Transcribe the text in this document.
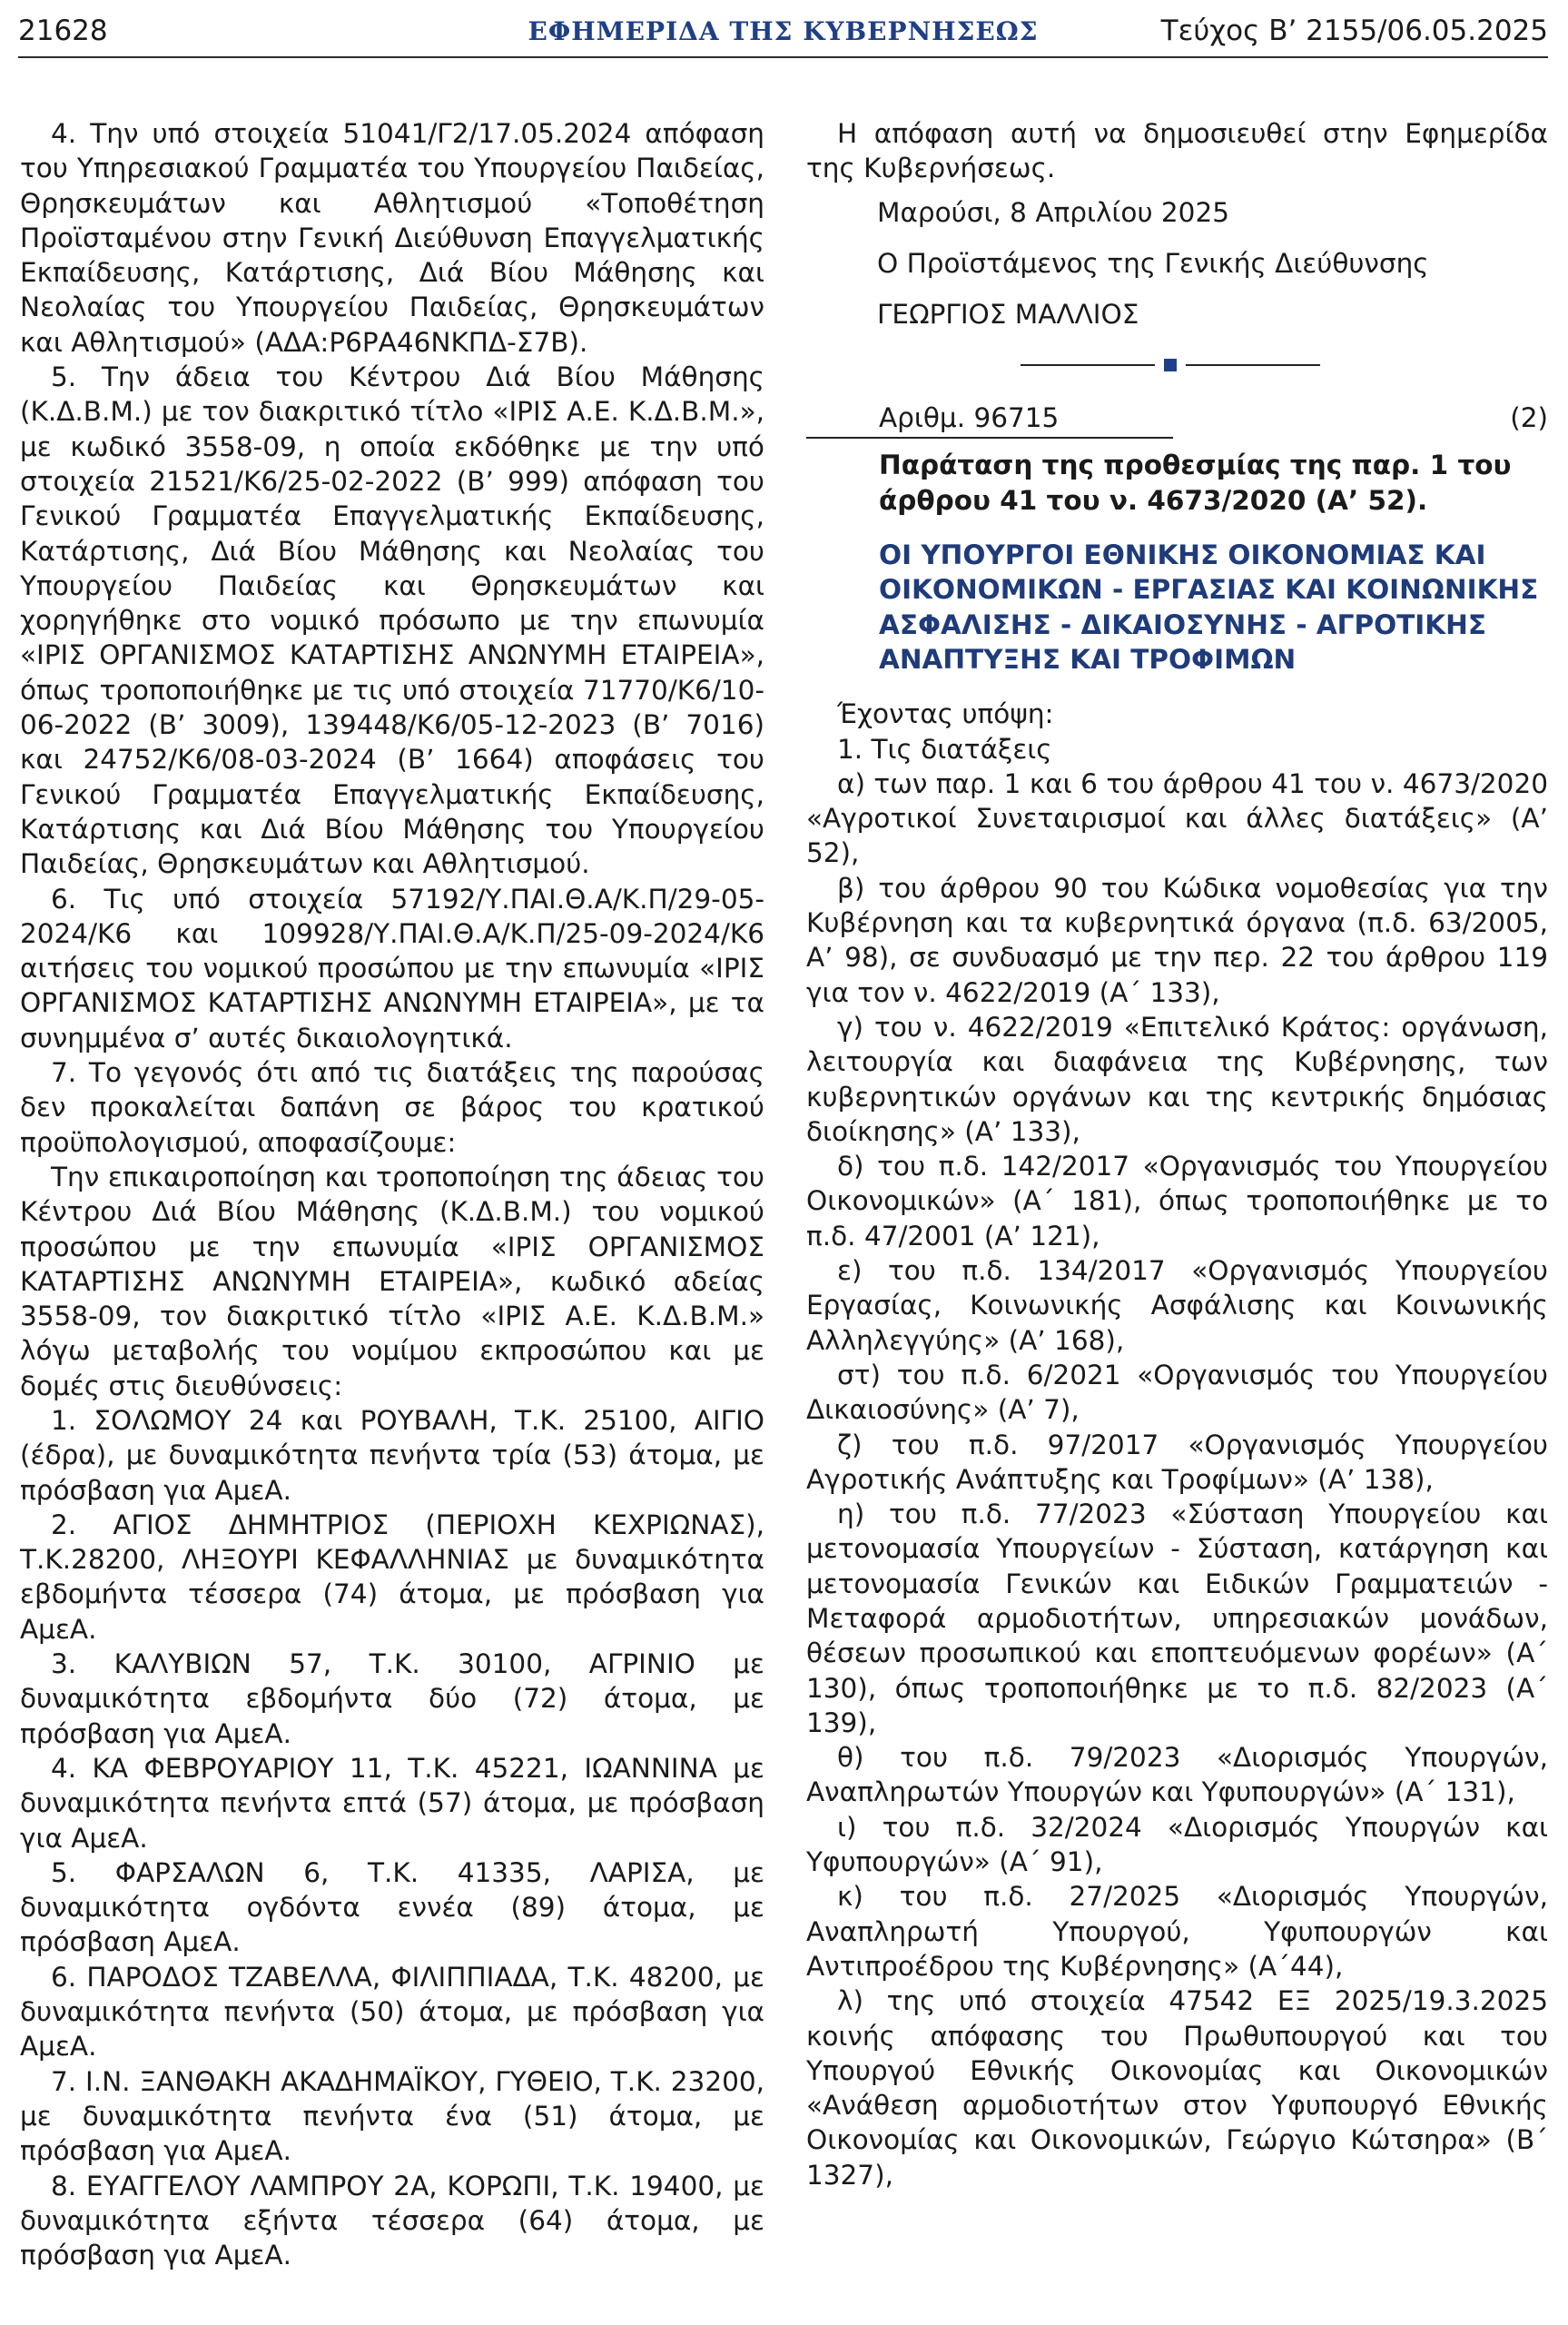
21628	ΕΦΗΜΕΡΙΔΑ ΤΗΣ ΚΥΒΕΡΝΗΣΕΩΣ	Τεύχος B’ 2155/06.05.2025

4. Την υπό στοιχεία 51041/Γ2/17.05.2024 απόφαση του Υπηρεσιακού Γραμματέα του Υπουργείου Παιδείας, Θρησκευμάτων και Αθλητισμού «Τοποθέτηση Προϊσταμένου στην Γενική Διεύθυνση Επαγγελματικής Εκπαίδευσης, Κατάρτισης, Διά Βίου Μάθησης και Νεολαίας του Υπουργείου Παιδείας, Θρησκευμάτων και Αθλητισμού» (ΑΔΑ:Ρ6ΡΑ46ΝΚΠΔ-Σ7Β).

5. Την άδεια του Κέντρου Διά Βίου Μάθησης (Κ.Δ.Β.Μ.) με τον διακριτικό τίτλο «ΙΡΙΣ Α.Ε. Κ.Δ.Β.Μ.», με κωδικό 3558-09, η οποία εκδόθηκε με την υπό στοιχεία 21521/Κ6/25-02-2022 (Β’ 999) απόφαση του Γενικού Γραμματέα Επαγγελματικής Εκπαίδευσης, Κατάρτισης, Διά Βίου Μάθησης και Νεολαίας του Υπουργείου Παιδείας και Θρησκευμάτων και χορηγήθηκε στο νομικό πρόσωπο με την επωνυμία «ΙΡΙΣ ΟΡΓΑΝΙΣΜΟΣ ΚΑΤΑΡΤΙΣΗΣ ΑΝΩΝΥΜΗ ΕΤΑΙΡΕΙΑ», όπως τροποποιήθηκε με τις υπό στοιχεία 71770/Κ6/10-06-2022 (Β’ 3009), 139448/Κ6/05-12-2023 (Β’ 7016) και 24752/Κ6/08-03-2024 (Β’ 1664) αποφάσεις του Γενικού Γραμματέα Επαγγελματικής Εκπαίδευσης, Κατάρτισης και Διά Βίου Μάθησης του Υπουργείου Παιδείας, Θρησκευμάτων και Αθλητισμού.

6. Τις υπό στοιχεία 57192/Υ.ΠΑΙ.Θ.Α/Κ.Π/29-05-2024/Κ6 και 109928/Υ.ΠΑΙ.Θ.Α/Κ.Π/25-09-2024/Κ6 αιτήσεις του νομικού προσώπου με την επωνυμία «ΙΡΙΣ ΟΡΓΑΝΙΣΜΟΣ ΚΑΤΑΡΤΙΣΗΣ ΑΝΩΝΥΜΗ ΕΤΑΙΡΕΙΑ», με τα συνημμένα σ’ αυτές δικαιολογητικά.

7. Το γεγονός ότι από τις διατάξεις της παρούσας δεν προκαλείται δαπάνη σε βάρος του κρατικού προϋπολογισμού, αποφασίζουμε:

Την επικαιροποίηση και τροποποίηση της άδειας του Κέντρου Διά Βίου Μάθησης (Κ.Δ.Β.Μ.) του νομικού προσώπου με την επωνυμία «ΙΡΙΣ ΟΡΓΑΝΙΣΜΟΣ ΚΑΤΑΡΤΙΣΗΣ ΑΝΩΝΥΜΗ ΕΤΑΙΡΕΙΑ», κωδικό αδείας 3558-09, τον διακριτικό τίτλο «ΙΡΙΣ Α.Ε. Κ.Δ.Β.Μ.» λόγω μεταβολής του νομίμου εκπροσώπου και με δομές στις διευθύνσεις:

1. ΣΟΛΩΜΟΥ 24 και ΡΟΥΒΑΛΗ, Τ.Κ. 25100, ΑΙΓΙΟ (έδρα), με δυναμικότητα πενήντα τρία (53) άτομα, με πρόσβαση για ΑμεΑ.

2. ΑΓΙΟΣ ΔΗΜΗΤΡΙΟΣ (ΠΕΡΙΟΧΗ ΚΕΧΡΙΩΝΑΣ), Τ.Κ.28200, ΛΗΞΟΥΡΙ ΚΕΦΑΛΛΗΝΙΑΣ με δυναμικότητα εβδομήντα τέσσερα (74) άτομα, με πρόσβαση για ΑμεΑ.

3. ΚΑΛΥΒΙΩΝ 57, Τ.Κ. 30100, ΑΓΡΙΝΙΟ με δυναμικότητα εβδομήντα δύο (72) άτομα, με πρόσβαση για ΑμεΑ.

4. ΚΑ ΦΕΒΡΟΥΑΡΙΟΥ 11, Τ.Κ. 45221, ΙΩΑΝΝΙΝΑ με δυναμικότητα πενήντα επτά (57) άτομα, με πρόσβαση για ΑμεΑ.

5. ΦΑΡΣΑΛΩΝ 6, Τ.Κ. 41335, ΛΑΡΙΣΑ, με δυναμικότητα ογδόντα εννέα (89) άτομα, με πρόσβαση ΑμεΑ.

6. ΠΑΡΟΔΟΣ ΤΖΑΒΕΛΛΑ, ΦΙΛΙΠΠΙΑΔΑ, Τ.Κ. 48200, με δυναμικότητα πενήντα (50) άτομα, με πρόσβαση για ΑμεΑ.

7. Ι.Ν. ΞΑΝΘΑΚΗ ΑΚΑΔΗΜΑΪΚΟΥ, ΓΥΘΕΙΟ, Τ.Κ. 23200, με δυναμικότητα πενήντα ένα (51) άτομα, με πρόσβαση για ΑμεΑ.

8. ΕΥΑΓΓΕΛΟΥ ΛΑΜΠΡΟΥ 2Α, ΚΟΡΩΠΙ, Τ.Κ. 19400, με δυναμικότητα εξήντα τέσσερα (64) άτομα, με πρόσβαση για ΑμεΑ.

Η απόφαση αυτή να δημοσιευθεί στην Εφημερίδα της Κυβερνήσεως.

Μαρούσι, 8 Απριλίου 2025
Ο Προϊστάμενος της Γενικής Διεύθυνσης
ΓΕΩΡΓΙΟΣ ΜΑΛΛΙΟΣ
Αριθμ. 96715	(2)
Παράταση της προθεσμίας της παρ. 1 του άρθρου 41 του ν. 4673/2020 (Α’ 52).
ΟΙ ΥΠΟΥΡΓΟΙ ΕΘΝΙΚΗΣ ΟΙΚΟΝΟΜΙΑΣ ΚΑΙ ΟΙΚΟΝΟΜΙΚΩΝ - ΕΡΓΑΣΙΑΣ ΚΑΙ ΚΟΙΝΩΝΙΚΗΣ ΑΣΦΑΛΙΣΗΣ - ΔΙΚΑΙΟΣΥΝΗΣ - ΑΓΡΟΤΙΚΗΣ ΑΝΑΠΤΥΞΗΣ ΚΑΙ ΤΡΟΦΙΜΩΝ

Έχοντας υπόψη:

1. Τις διατάξεις

α) των παρ. 1 και 6 του άρθρου 41 του ν. 4673/2020 «Αγροτικοί Συνεταιρισμοί και άλλες διατάξεις» (Α’ 52),

β) του άρθρου 90 του Κώδικα νομοθεσίας για την Κυβέρνηση και τα κυβερνητικά όργανα (π.δ. 63/2005, Α’ 98), σε συνδυασμό με την περ. 22 του άρθρου 119 για τον ν. 4622/2019 (Α΄ 133),

γ) του ν. 4622/2019 «Επιτελικό Κράτος: οργάνωση, λειτουργία και διαφάνεια της Κυβέρνησης, των κυβερνητικών οργάνων και της κεντρικής δημόσιας διοίκησης» (Α’ 133),

δ) του π.δ. 142/2017 «Οργανισμός του Υπουργείου Οικονομικών» (Α΄ 181), όπως τροποποιήθηκε με το π.δ. 47/2001 (Α’ 121),

ε) του π.δ. 134/2017 «Οργανισμός Υπουργείου Εργασίας, Κοινωνικής Ασφάλισης και Κοινωνικής Αλληλεγγύης» (Α’ 168),

στ) του π.δ. 6/2021 «Οργανισμός του Υπουργείου Δικαιοσύνης» (Α’ 7),

ζ) του π.δ. 97/2017 «Οργανισμός Υπουργείου Αγροτικής Ανάπτυξης και Τροφίμων» (Α’ 138),

η) του π.δ. 77/2023 «Σύσταση Υπουργείου και μετονομασία Υπουργείων - Σύσταση, κατάργηση και μετονομασία Γενικών και Ειδικών Γραμματειών - Μεταφορά αρμοδιοτήτων, υπηρεσιακών μονάδων, θέσεων προσωπικού και εποπτευόμενων φορέων» (Α΄ 130), όπως τροποποιήθηκε με το π.δ. 82/2023 (Α΄ 139),

θ) του π.δ. 79/2023 «Διορισμός Υπουργών, Αναπληρωτών Υπουργών και Υφυπουργών» (Α΄ 131),

ι) του π.δ. 32/2024 «Διορισμός Υπουργών και Υφυπουργών» (Α΄ 91),

κ) του π.δ. 27/2025 «Διορισμός Υπουργών, Αναπληρωτή Υπουργού, Υφυπουργών και Αντιπροέδρου της Κυβέρνησης» (Α΄44),

λ) της υπό στοιχεία 47542 ΕΞ 2025/19.3.2025 κοινής απόφασης του Πρωθυπουργού και του Υπουργού Εθνικής Οικονομίας και Οικονομικών «Ανάθεση αρμοδιοτήτων στον Υφυπουργό Εθνικής Οικονομίας και Οικονομικών, Γεώργιο Κώτσηρα» (Β΄ 1327),
